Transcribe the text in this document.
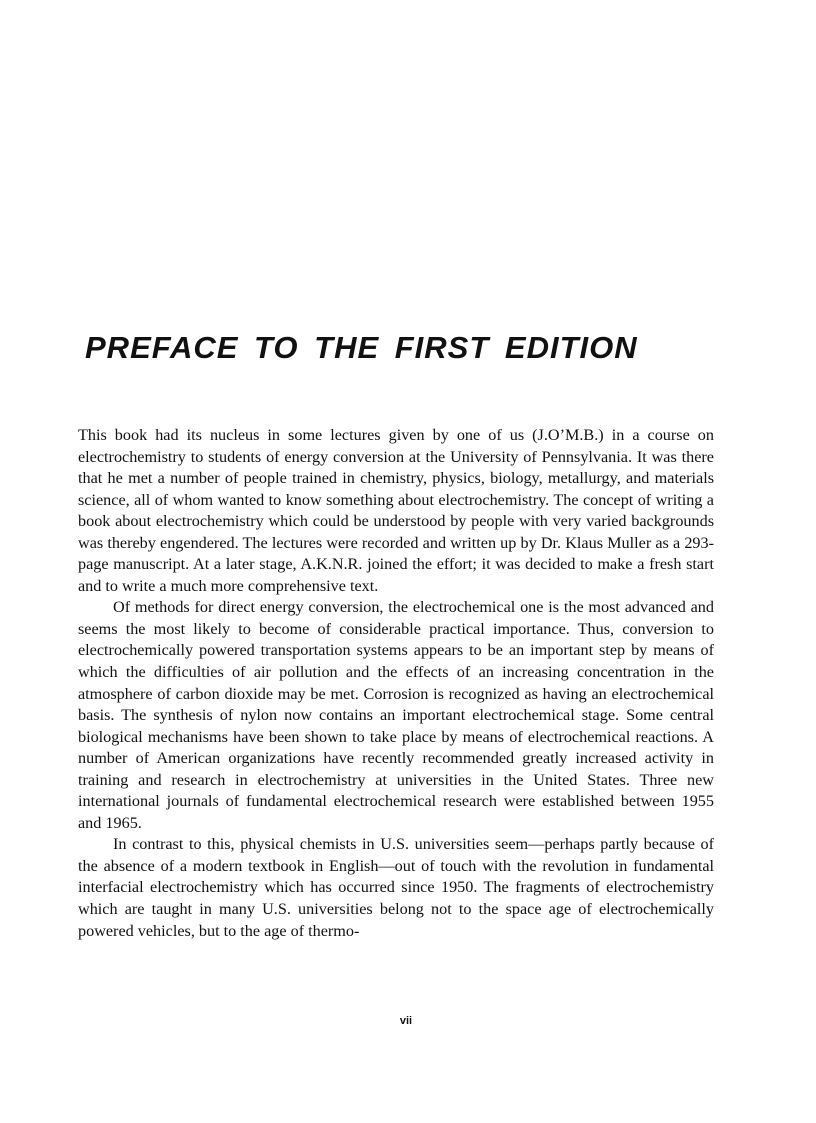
PREFACE TO THE FIRST EDITION

This book had its nucleus in some lectures given by one of us (J.O’M.B.) in a course on electrochemistry to students of energy conversion at the University of Pennsylvania. It was there that he met a number of people trained in chemistry, physics, biology, metallurgy, and materials science, all of whom wanted to know something about electrochemistry. The concept of writing a book about electrochemistry which could be understood by people with very varied backgrounds was thereby engendered. The lectures were recorded and written up by Dr. Klaus Muller as a 293-page manuscript. At a later stage, A.K.N.R. joined the effort; it was decided to make a fresh start and to write a much more comprehensive text.

Of methods for direct energy conversion, the electrochemical one is the most advanced and seems the most likely to become of considerable practical importance. Thus, conversion to electrochemically powered transportation systems appears to be an important step by means of which the difficulties of air pollution and the effects of an increasing concentration in the atmosphere of carbon dioxide may be met. Corrosion is recognized as having an electrochemical basis. The synthesis of nylon now contains an important electrochemical stage. Some central biological mechanisms have been shown to take place by means of electrochemical reactions. A number of American organizations have recently recommended greatly increased activity in training and research in electrochemistry at universities in the United States. Three new international journals of fundamental electrochemical research were established between 1955 and 1965.

In contrast to this, physical chemists in U.S. universities seem—perhaps partly because of the absence of a modern textbook in English—out of touch with the revolution in fundamental interfacial electrochemistry which has occurred since 1950. The fragments of electrochemistry which are taught in many U.S. universities belong not to the space age of electrochemically powered vehicles, but to the age of thermo-

vii
